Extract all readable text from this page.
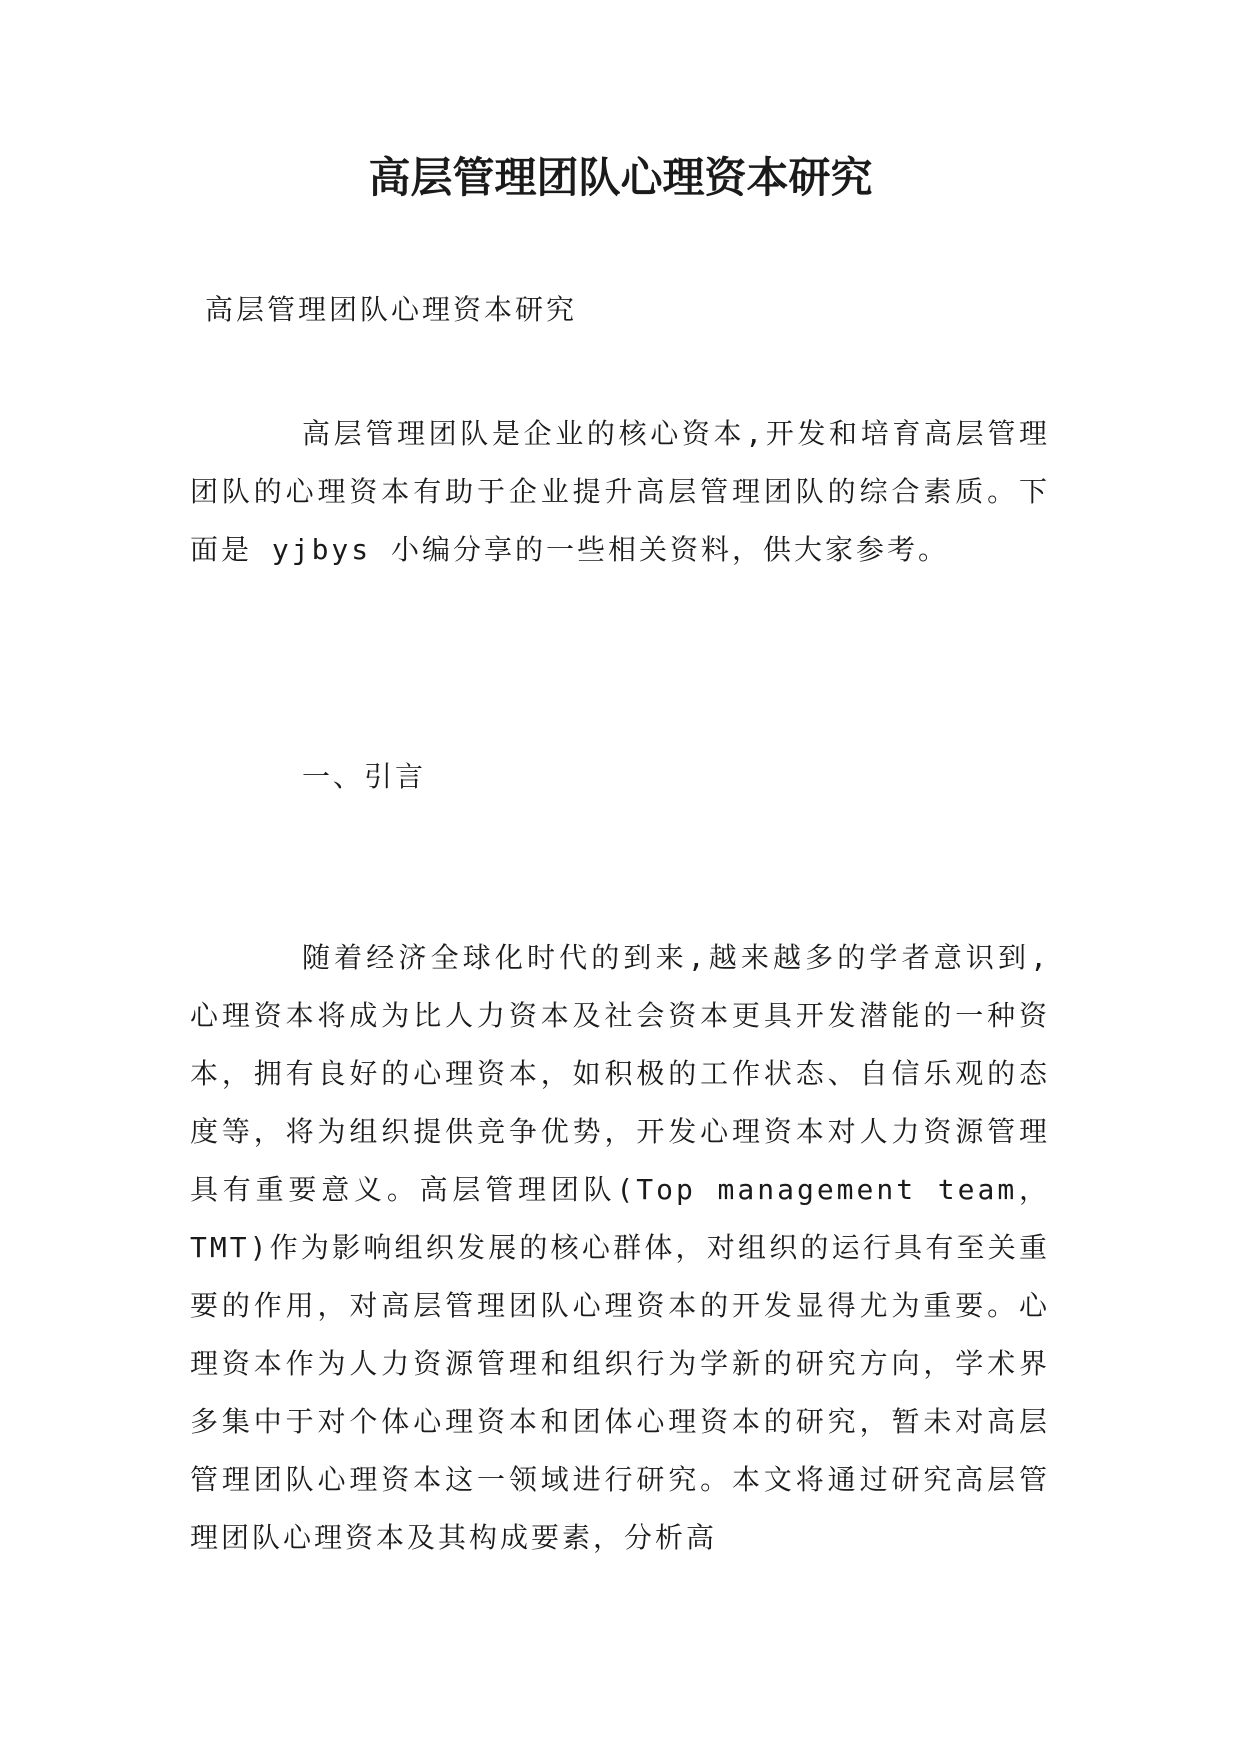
高层管理团队心理资本研究
高层管理团队心理资本研究
高层管理团队是企业的核心资本,开发和培育高层管理团队的心理资本有助于企业提升高层管理团队的综合素质。下面是 yjbys 小编分享的一些相关资料，供大家参考。
一、引言
随着经济全球化时代的到来,越来越多的学者意识到,心理资本将成为比人力资本及社会资本更具开发潜能的一种资本，拥有良好的心理资本，如积极的工作状态、自信乐观的态度等，将为组织提供竞争优势，开发心理资本对人力资源管理具有重要意义。高层管理团队(Top management team， TMT)作为影响组织发展的核心群体，对组织的运行具有至关重要的作用，对高层管理团队心理资本的开发显得尤为重要。心理资本作为人力资源管理和组织行为学新的研究方向，学术界多集中于对个体心理资本和团体心理资本的研究，暂未对高层管理团队心理资本这一领域进行研究。本文将通过研究高层管理团队心理资本及其构成要素，分析高
